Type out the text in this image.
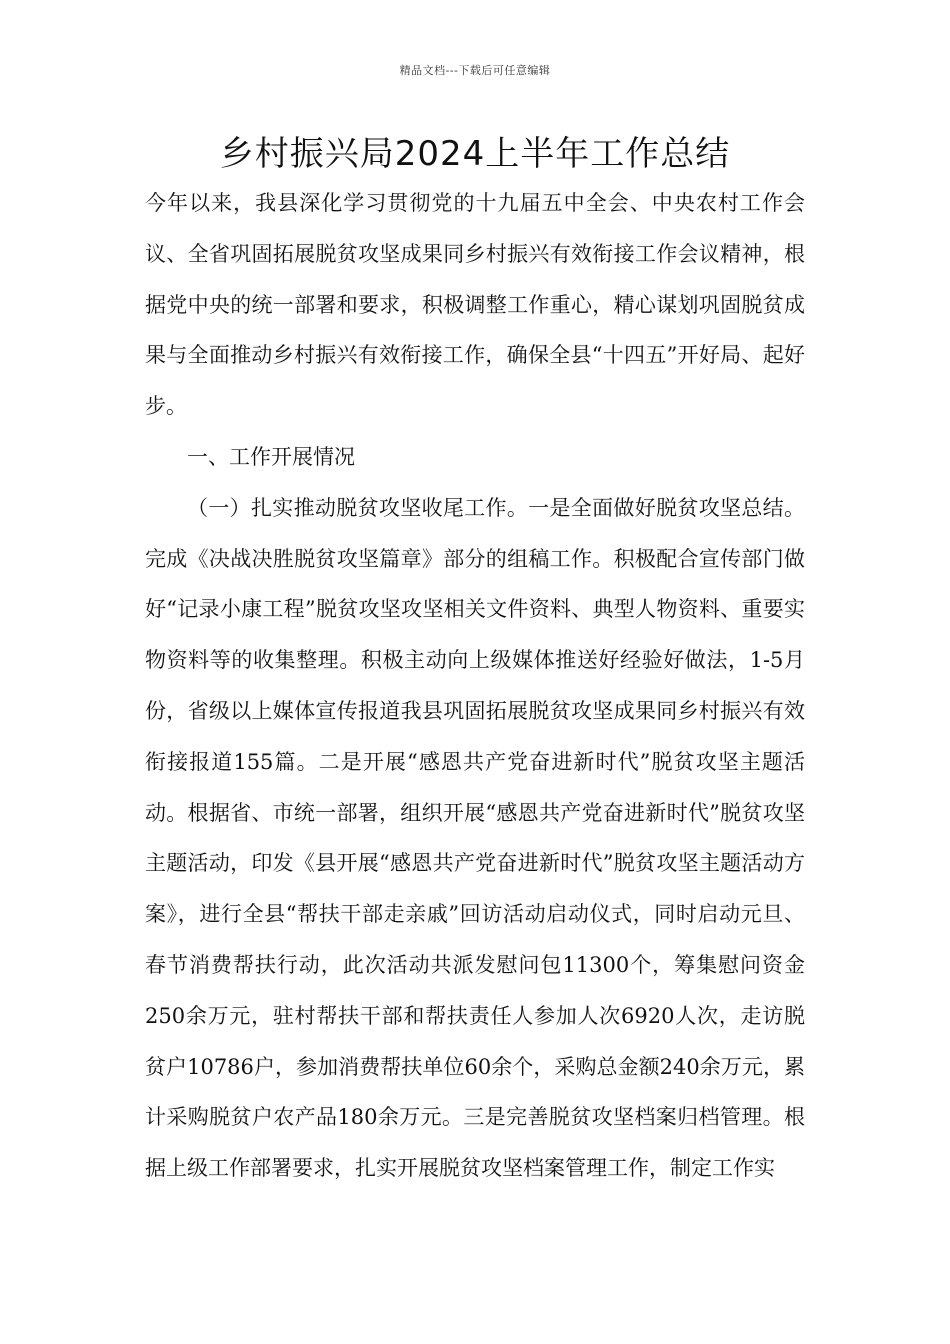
精品文档---下载后可任意编辑
乡村振兴局2024上半年工作总结

今年以来，我县深化学习贯彻党的十九届五中全会、中央农村工作会议、全省巩固拓展脱贫攻坚成果同乡村振兴有效衔接工作会议精神，根据党中央的统一部署和要求，积极调整工作重心，精心谋划巩固脱贫成果与全面推动乡村振兴有效衔接工作，确保全县“十四五”开好局、起好步。

一、工作开展情况

（一）扎实推动脱贫攻坚收尾工作。一是全面做好脱贫攻坚总结。完成《决战决胜脱贫攻坚篇章》部分的组稿工作。积极配合宣传部门做好“记录小康工程”脱贫攻坚攻坚相关文件资料、典型人物资料、重要实物资料等的收集整理。积极主动向上级媒体推送好经验好做法，1-5月份，省级以上媒体宣传报道我县巩固拓展脱贫攻坚成果同乡村振兴有效衔接报道155篇。二是开展“感恩共产党奋进新时代”脱贫攻坚主题活动。根据省、市统一部署，组织开展“感恩共产党奋进新时代”脱贫攻坚主题活动，印发《县开展“感恩共产党奋进新时代”脱贫攻坚主题活动方案》，进行全县“帮扶干部走亲戚”回访活动启动仪式，同时启动元旦、春节消费帮扶行动，此次活动共派发慰问包11300个，筹集慰问资金250余万元，驻村帮扶干部和帮扶责任人参加人次6920人次，走访脱贫户10786户，参加消费帮扶单位60余个，采购总金额240余万元，累计采购脱贫户农产品180余万元。三是完善脱贫攻坚档案归档管理。根据上级工作部署要求，扎实开展脱贫攻坚档案管理工作，制定工作实
